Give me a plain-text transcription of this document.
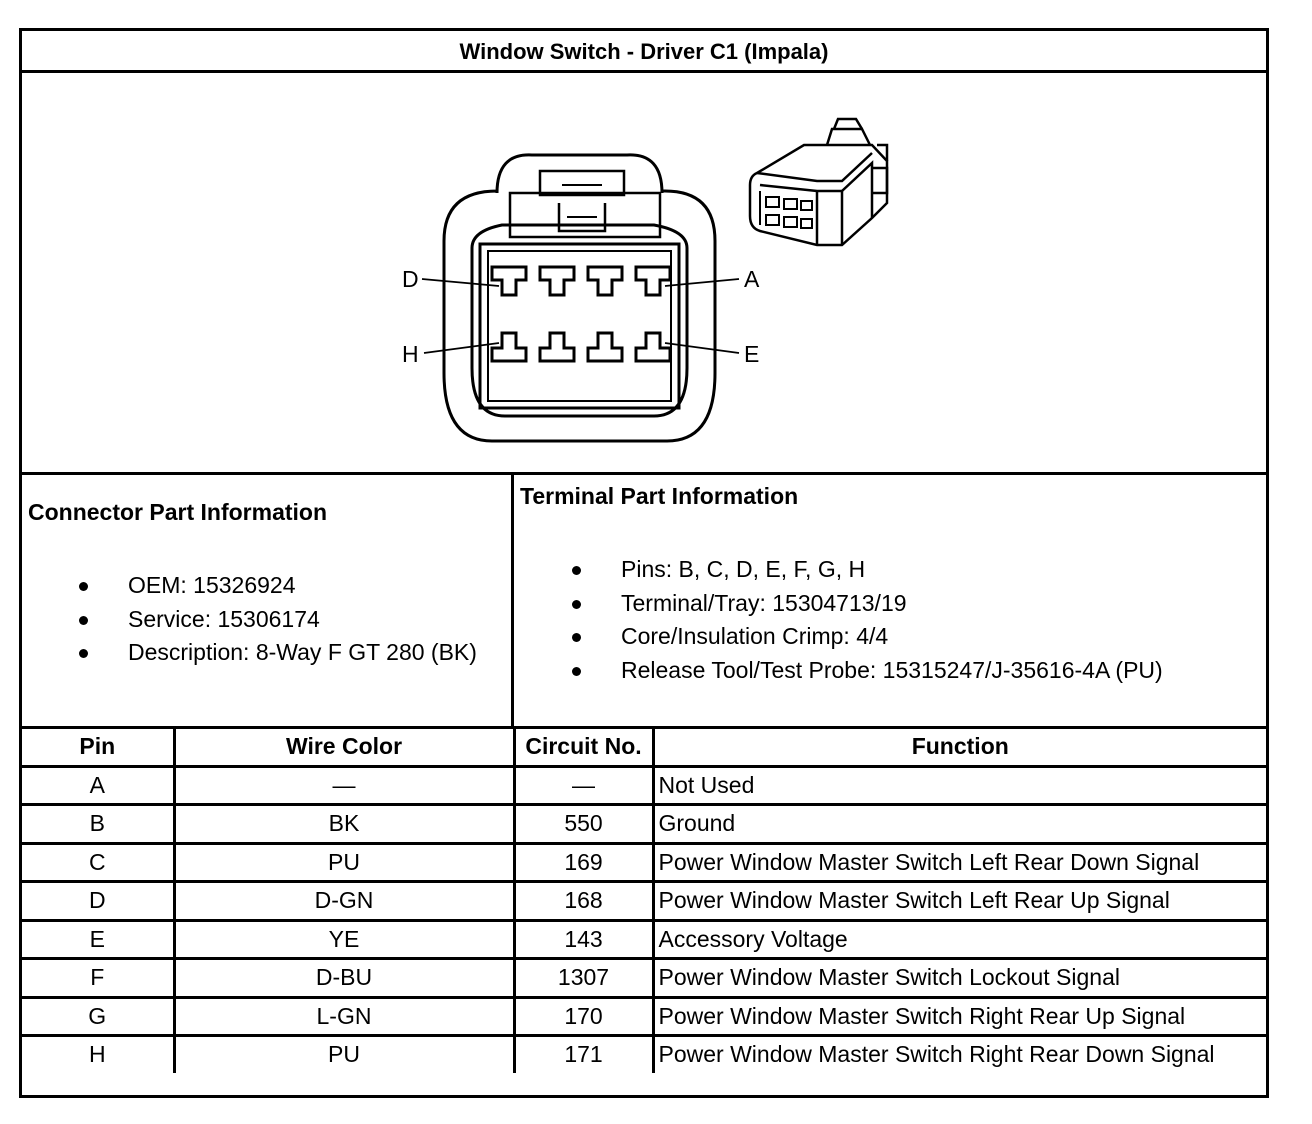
Window Switch - Driver C1 (Impala)
D	A
H	E
Connector Part Information
OEM: 15326924
Service: 15306174
Description: 8-Way F GT 280 (BK)
Terminal Part Information
Pins: B, C, D, E, F, G, H
Terminal/Tray: 15304713/19
Core/Insulation Crimp: 4/4
Release Tool/Test Probe: 15315247/J-35616-4A (PU)
Pin	Wire Color	Circuit No.	Function
A	—	—	Not Used
B	BK	550	Ground
C	PU	169	Power Window Master Switch Left Rear Down Signal
D	D-GN	168	Power Window Master Switch Left Rear Up Signal
E	YE	143	Accessory Voltage
F	D-BU	1307	Power Window Master Switch Lockout Signal
G	L-GN	170	Power Window Master Switch Right Rear Up Signal
H	PU	171	Power Window Master Switch Right Rear Down Signal
